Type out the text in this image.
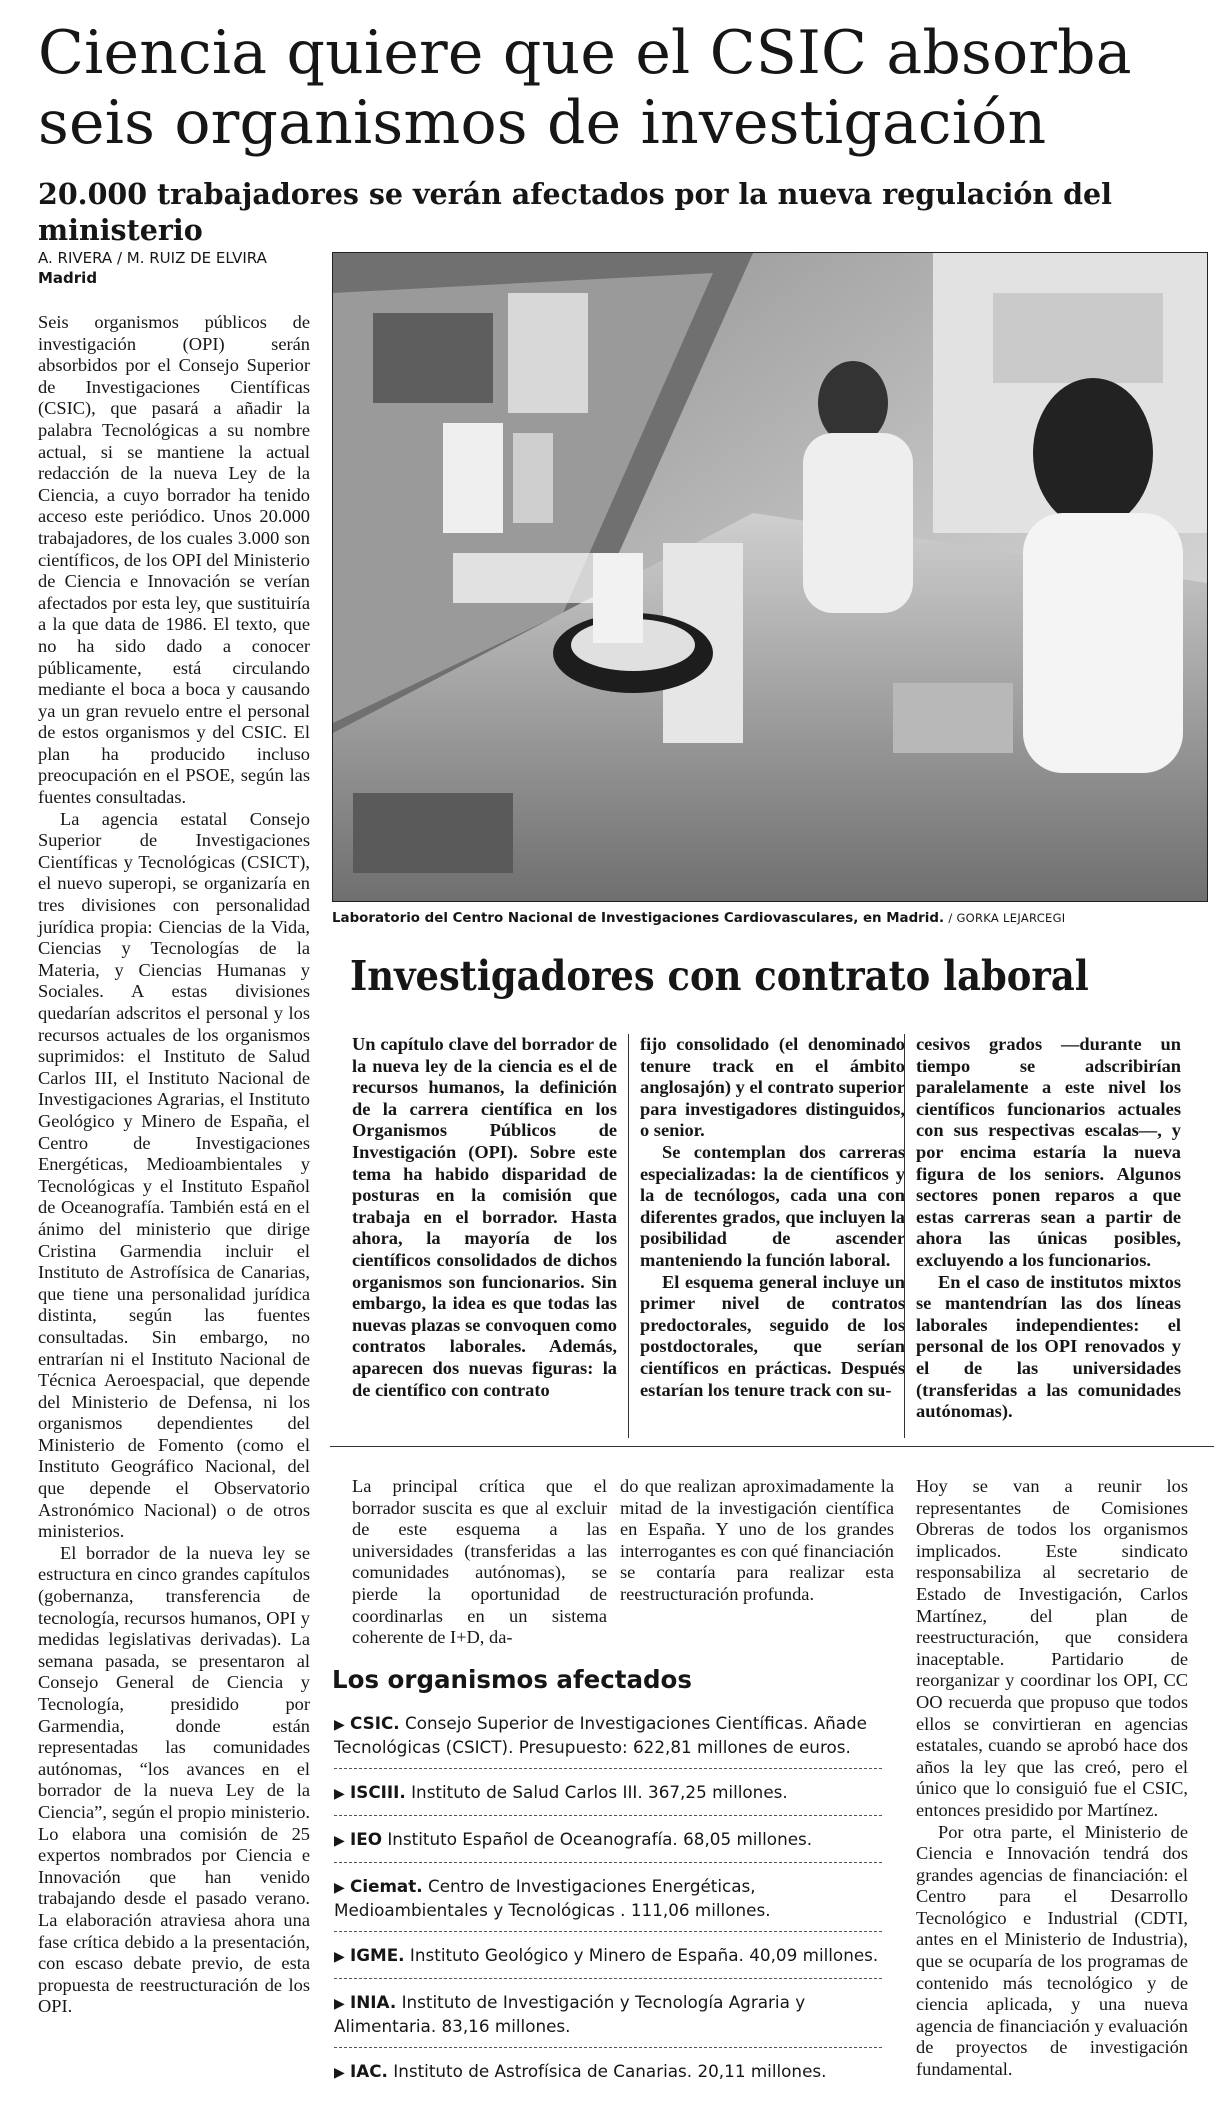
Ciencia quiere que el CSIC absorba seis organismos de investigación
20.000 trabajadores se verán afectados por la nueva regulación del ministerio
A. RIVERA / M. RUIZ DE ELVIRA
Madrid

Seis organismos públicos de investigación (OPI) serán absorbidos por el Consejo Superior de Investigaciones Científicas (CSIC), que pasará a añadir la palabra Tecnológicas a su nombre actual, si se mantiene la actual redacción de la nueva Ley de la Ciencia, a cuyo borrador ha tenido acceso este periódico. Unos 20.000 trabajadores, de los cuales 3.000 son científicos, de los OPI del Ministerio de Ciencia e Innovación se verían afectados por esta ley, que sustituiría a la que data de 1986. El texto, que no ha sido dado a conocer públicamente, está circulando mediante el boca a boca y causando ya un gran revuelo entre el personal de estos organismos y del CSIC. El plan ha producido incluso preocupación en el PSOE, según las fuentes consultadas.

La agencia estatal Consejo Superior de Investigaciones Científicas y Tecnológicas (CSICT), el nuevo superopi, se organizaría en tres divisiones con personalidad jurídica propia: Ciencias de la Vida, Ciencias y Tecnologías de la Materia, y Ciencias Humanas y Sociales. A estas divisiones quedarían adscritos el personal y los recursos actuales de los organismos suprimidos: el Instituto de Salud Carlos III, el Instituto Nacional de Investigaciones Agrarias, el Instituto Geológico y Minero de España, el Centro de Investigaciones Energéticas, Medioambientales y Tecnológicas y el Instituto Español de Oceanografía. También está en el ánimo del ministerio que dirige Cristina Garmendia incluir el Instituto de Astrofísica de Canarias, que tiene una personalidad jurídica distinta, según las fuentes consultadas. Sin embargo, no entrarían ni el Instituto Nacional de Técnica Aeroespacial, que depende del Ministerio de Defensa, ni los organismos dependientes del Ministerio de Fomento (como el Instituto Geográfico Nacional, del que depende el Observatorio Astronómico Nacional) o de otros ministerios.

El borrador de la nueva ley se estructura en cinco grandes capítulos (gobernanza, transferencia de tecnología, recursos humanos, OPI y medidas legislativas derivadas). La semana pasada, se presentaron al Consejo General de Ciencia y Tecnología, presidido por Garmendia, donde están representadas las comunidades autónomas, “los avances en el borrador de la nueva Ley de la Ciencia”, según el propio ministerio. Lo elabora una comisión de 25 expertos nombrados por Ciencia e Innovación que han venido trabajando desde el pasado verano. La elaboración atraviesa ahora una fase crítica debido a la presentación, con escaso debate previo, de esta propuesta de reestructuración de los OPI.

Laboratorio del Centro Nacional de Investigaciones Cardiovasculares, en Madrid. / GORKA LEJARCEGI
Investigadores con contrato laboral

Un capítulo clave del borrador de la nueva ley de la ciencia es el de recursos humanos, la definición de la carrera científica en los Organismos Públicos de Investigación (OPI). Sobre este tema ha habido disparidad de posturas en la comisión que trabaja en el borrador. Hasta ahora, la mayoría de los científicos consolidados de dichos organismos son funcionarios. Sin embargo, la idea es que todas las nuevas plazas se convoquen como contratos laborales. Además, aparecen dos nuevas figuras: la de científico con contrato

fijo consolidado (el denominado tenure track en el ámbito anglosajón) y el contrato superior para investigadores distinguidos, o senior.

Se contemplan dos carreras especializadas: la de científicos y la de tecnólogos, cada una con diferentes grados, que incluyen la posibilidad de ascender manteniendo la función laboral.

El esquema general incluye un primer nivel de contratos predoctorales, seguido de los postdoctorales, que serían científicos en prácticas. Después estarían los tenure track con su-

cesivos grados —durante un tiempo se adscribirían paralelamente a este nivel los científicos funcionarios actuales con sus respectivas escalas—, y por encima estaría la nueva figura de los seniors. Algunos sectores ponen reparos a que estas carreras sean a partir de ahora las únicas posibles, excluyendo a los funcionarios.

En el caso de institutos mixtos se mantendrían las dos líneas laborales independientes: el personal de los OPI renovados y el de las universidades (transferidas a las comunidades autónomas).

La principal crítica que el borrador suscita es que al excluir de este esquema a las universidades (transferidas a las comunidades autónomas), se pierde la oportunidad de coordinarlas en un sistema coherente de I+D, da-

do que realizan aproximadamente la mitad de la investigación científica en España. Y uno de los grandes interrogantes es con qué financiación se contaría para realizar esta reestructuración profunda.

Hoy se van a reunir los representantes de Comisiones Obreras de todos los organismos implicados. Este sindicato responsabiliza al secretario de Estado de Investigación, Carlos Martínez, del plan de reestructuración, que considera inaceptable. Partidario de reorganizar y coordinar los OPI, CC OO recuerda que propuso que todos ellos se convirtieran en agencias estatales, cuando se aprobó hace dos años la ley que las creó, pero el único que lo consiguió fue el CSIC, entonces presidido por Martínez.

Por otra parte, el Ministerio de Ciencia e Innovación tendrá dos grandes agencias de financiación: el Centro para el Desarrollo Tecnológico e Industrial (CDTI, antes en el Ministerio de Industria), que se ocuparía de los programas de contenido más tecnológico y de ciencia aplicada, y una nueva agencia de financiación y evaluación de proyectos de investigación fundamental.

Los organismos afectados
▶ CSIC. Consejo Superior de Investigaciones Científicas. Añade Tecnológicas (CSICT). Presupuesto: 622,81 millones de euros.
▶ ISCIII. Instituto de Salud Carlos III. 367,25 millones.
▶ IEO Instituto Español de Oceanografía. 68,05 millones.
▶ Ciemat. Centro de Investigaciones Energéticas, Medioambientales y Tecnológicas . 111,06 millones.
▶ IGME. Instituto Geológico y Minero de España. 40,09 millones.
▶ INIA. Instituto de Investigación y Tecnología Agraria y Alimentaria. 83,16 millones.
▶ IAC. Instituto de Astrofísica de Canarias. 20,11 millones.
